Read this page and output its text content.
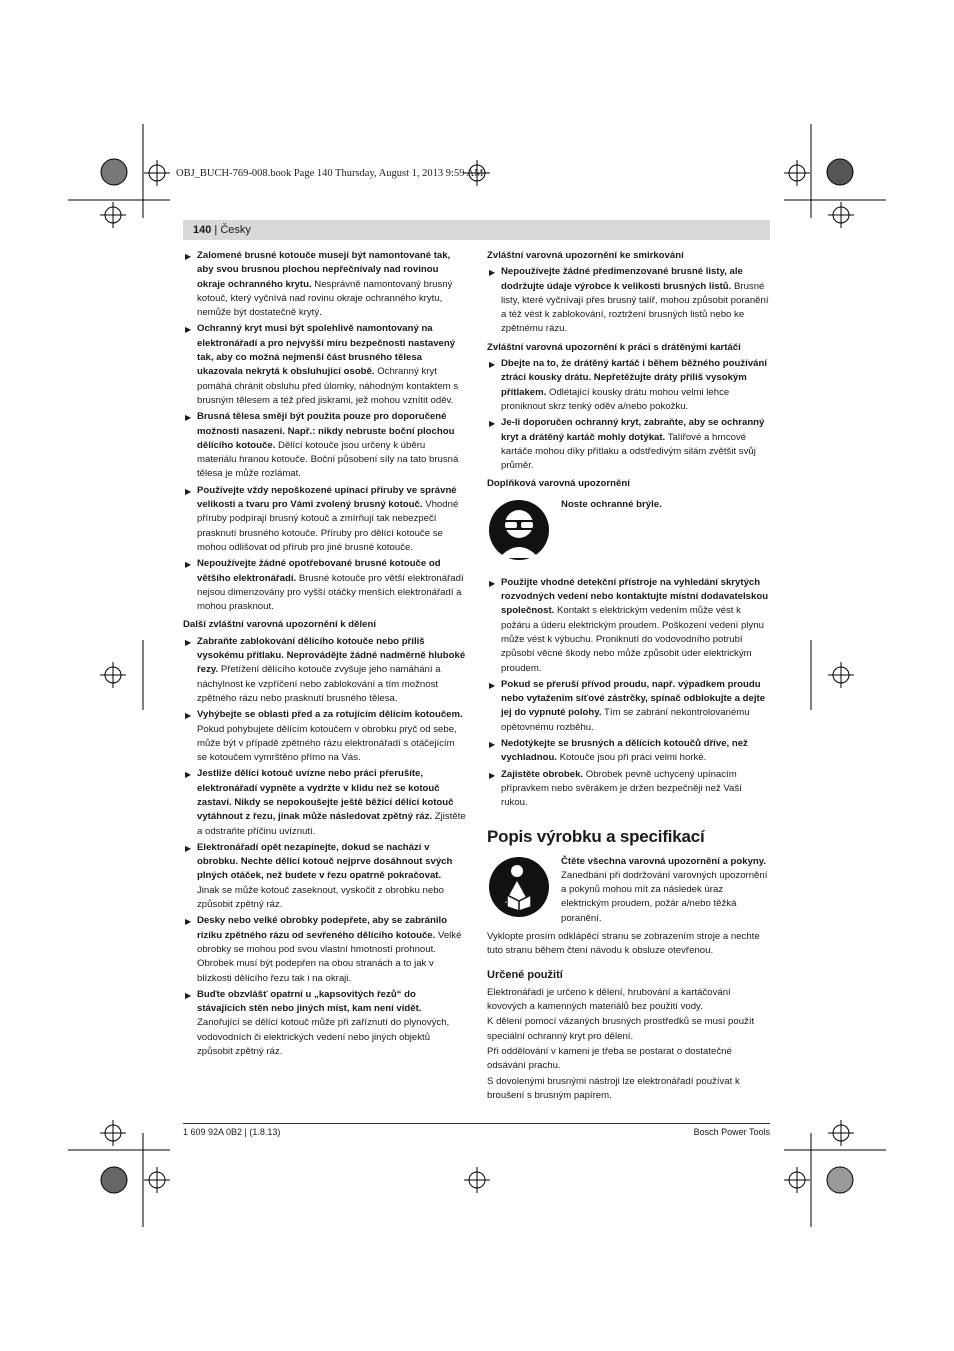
OBJ_BUCH-769-008.book Page 140 Thursday, August 1, 2013 9:59 AM
140 | Česky
▶ Zalomené brusné kotouče musejí být namontované tak, aby svou brusnou plochou nepřečnívaly nad rovinou okraje ochranného krytu. Nesprávně namontovaný brusný kotouč, který vyčnívá nad rovinu okraje ochranného krytu, nemůže být dostatečně krytý.
▶ Ochranný kryt musí být spolehlivě namontovaný na elektronářadí a pro nejvyšší míru bezpečnosti nastavený tak, aby co možná nejmenší část brusného tělesa ukazovala nekrytá k obsluhující osobě. Ochranný kryt pomáhá chránit obsluhu před úlomky, náhodným kontaktem s brusným tělesem a též před jiskrami, jež mohou vznítit oděv.
▶ Brusná tělesa smějí být použita pouze pro doporučené možnosti nasazení. Např.: nikdy nebruste boční plochou dělícího kotouče. Dělící kotouče jsou určeny k úběru materiálu hranou kotouče. Boční působení síly na tato brusná tělesa je může rozlámat.
▶ Používejte vždy nepoškozené upínací příruby ve správné velikosti a tvaru pro Vámi zvolený brusný kotouč. Vhodné příruby podpírají brusný kotouč a zmírňují tak nebezpečí prasknutí brusného kotouče. Příruby pro dělící kotouče se mohou odlišovat od přírub pro jiné brusné kotouče.
▶ Nepoužívejte žádné opotřebované brusné kotouče od většího elektronářadí. Brusné kotouče pro větší elektronářadí nejsou dimenzovány pro vyšší otáčky menších elektronářadí a mohou prasknout.
Další zvláštní varovná upozornění k dělení
▶ Zabraňte zablokování dělícího kotouče nebo příliš vysokému přítlaku. Neprovádějte žádné nadměrně hluboké řezy. Přetížení dělícího kotouče zvyšuje jeho namáhání a náchylnost ke vzpříčení nebo zablokování a tím možnost zpětného rázu nebo prasknutí brusného tělesa.
▶ Vyhýbejte se oblasti před a za rotujícím dělícím kotoučem. Pokud pohybujete dělícím kotoučem v obrobku pryč od sebe, může být v případě zpětného rázu elektronářadí s otáčejícím se kotoučem vymrštěno přímo na Vás.
▶ Jestliže dělící kotouč uvízne nebo práci přerušíte, elektronářadí vypněte a vydržte v klidu než se kotouč zastaví. Nikdy se nepokoušejte ještě běžící dělící kotouč vytáhnout z řezu, jinak může následovat zpětný ráz. Zjistěte a odstraňte příčinu uvíznutí.
▶ Elektronářadí opět nezapínejte, dokud se nachází v obrobku. Nechte dělící kotouč nejprve dosáhnout svých plných otáček, než budete v řezu opatrně pokračovat. Jinak se může kotouč zaseknout, vyskočit z obrobku nebo způsobit zpětný ráz.
▶ Desky nebo velké obrobky podepřete, aby se zabránilo riziku zpětného rázu od sevřeného dělícího kotouče. Velké obrobky se mohou pod svou vlastní hmotností prohnout. Obrobek musí být podepřen na obou stranách a to jak v blízkosti dělícího řezu tak i na okraji.
▶ Buďte obzvlášť opatrní u „kapsovitých řezů“ do stávajících stěn nebo jiných míst, kam není vidět. Zanořující se dělící kotouč může při zaříznutí do plynových, vodovodních či elektrických vedení nebo jiných objektů způsobit zpětný ráz.
Zvláštní varovná upozornění ke smirkování
▶ Nepoužívejte žádné předimenzované brusné listy, ale dodržujte údaje výrobce k velikosti brusných listů. Brusné listy, které vyčnívají přes brusný talíř, mohou způsobit poranění a též vést k zablokování, roztržení brusných listů nebo ke zpětnému rázu.
Zvláštní varovná upozornění k práci s drátěnými kartáči
▶ Dbejte na to, že drátěný kartáč i během běžného používání ztrácí kousky drátu. Nepřetěžujte dráty příliš vysokým přítlakem. Odlétající kousky drátu mohou velmi lehce proniknout skrz tenký oděv a/nebo pokožku.
▶ Je-li doporučen ochranný kryt, zabraňte, aby se ochranný kryt a drátěný kartáč mohly dotýkat. Talířové a hrncové kartáče mohou díky přítlaku a odstředivým silám zvětšit svůj průměr.
Doplňková varovná upozornění
Noste ochranné brýle.
▶ Použijte vhodné detekční přístroje na vyhledání skrytých rozvodných vedení nebo kontaktujte místní dodavatelskou společnost. Kontakt s elektrickým vedením může vést k požáru a úderu elektrickým proudem. Poškození vedení plynu může vést k výbuchu. Proniknutí do vodovodního potrubí způsobí věcné škody nebo může způsobit úder elektrickým proudem.
▶ Pokud se přeruší přívod proudu, např. výpadkem proudu nebo vytažením síťové zástrčky, spínač odblokujte a dejte jej do vypnuté polohy. Tím se zabrání nekontrolovanému opětovnému rozběhu.
▶ Nedotýkejte se brusných a dělících kotoučů dříve, než vychladnou. Kotouče jsou při práci velmi horké.
▶ Zajistěte obrobek. Obrobek pevně uchycený upínacím přípravkem nebo svěrákem je držen bezpečněji než Vaší rukou.
Popis výrobku a specifikací
Čtěte všechna varovná upozornění a pokyny. Zanedbání při dodržování varovných upozornění a pokynů mohou mít za následek úraz elektrickým proudem, požár a/nebo těžká poranění.
Vyklopte prosím odklápěcí stranu se zobrazením stroje a nechte tuto stranu během čtení návodu k obsluze otevřenou.
Určené použití
Elektronářadí je určeno k dělení, hrubování a kartáčování kovových a kamenných materiálů bez použití vody.
K dělení pomocí vázaných brusných prostředků se musí použít speciální ochranný kryt pro dělení.
Při oddělování v kameni je třeba se postarat o dostatečné odsávání prachu.
S dovolenými brusnými nástroji lze elektronářadí používat k broušení s brusným papírem.
1 609 92A 0B2 | (1.8.13)	Bosch Power Tools
